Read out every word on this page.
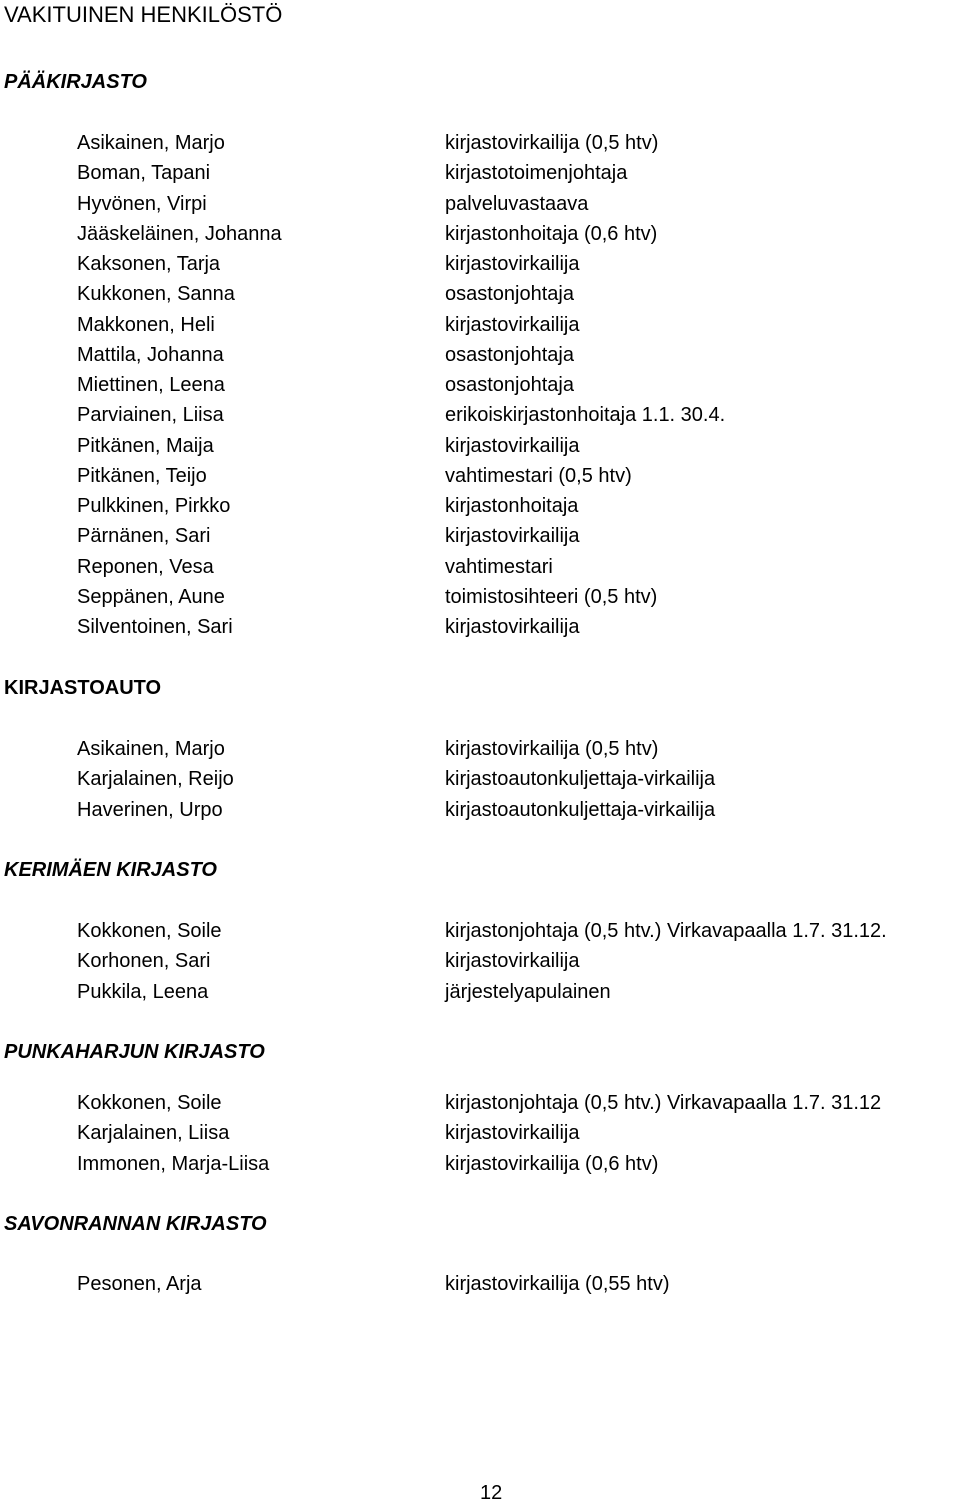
VAKITUINEN HENKILÖSTÖ
PÄÄKIRJASTO
Asikainen, Marjo	kirjastovirkailija (0,5 htv)
Boman, Tapani	kirjastotoimenjohtaja
Hyvönen, Virpi	palveluvastaava
Jääskeläinen, Johanna	kirjastonhoitaja (0,6 htv)
Kaksonen, Tarja	kirjastovirkailija
Kukkonen, Sanna	osastonjohtaja
Makkonen, Heli	kirjastovirkailija
Mattila, Johanna	osastonjohtaja
Miettinen, Leena	osastonjohtaja
Parviainen, Liisa	erikoiskirjastonhoitaja 1.1. 30.4.
Pitkänen, Maija	kirjastovirkailija
Pitkänen, Teijo	vahtimestari (0,5 htv)
Pulkkinen, Pirkko	kirjastonhoitaja
Pärnänen, Sari	kirjastovirkailija
Reponen, Vesa	vahtimestari
Seppänen, Aune	toimistosihteeri (0,5 htv)
Silventoinen, Sari	kirjastovirkailija
KIRJASTOAUTO
Asikainen, Marjo	kirjastovirkailija (0,5 htv)
Karjalainen, Reijo	kirjastoautonkuljettaja-virkailija
Haverinen, Urpo	kirjastoautonkuljettaja-virkailija
KERIMÄEN KIRJASTO
Kokkonen, Soile	kirjastonjohtaja (0,5 htv.) Virkavapaalla 1.7. 31.12.
Korhonen, Sari	kirjastovirkailija
Pukkila, Leena	järjestelyapulainen
PUNKAHARJUN KIRJASTO
Kokkonen, Soile	kirjastonjohtaja (0,5 htv.) Virkavapaalla 1.7. 31.12
Karjalainen, Liisa	kirjastovirkailija
Immonen, Marja-Liisa	kirjastovirkailija (0,6 htv)
SAVONRANNAN KIRJASTO
Pesonen, Arja	kirjastovirkailija (0,55 htv)
12
